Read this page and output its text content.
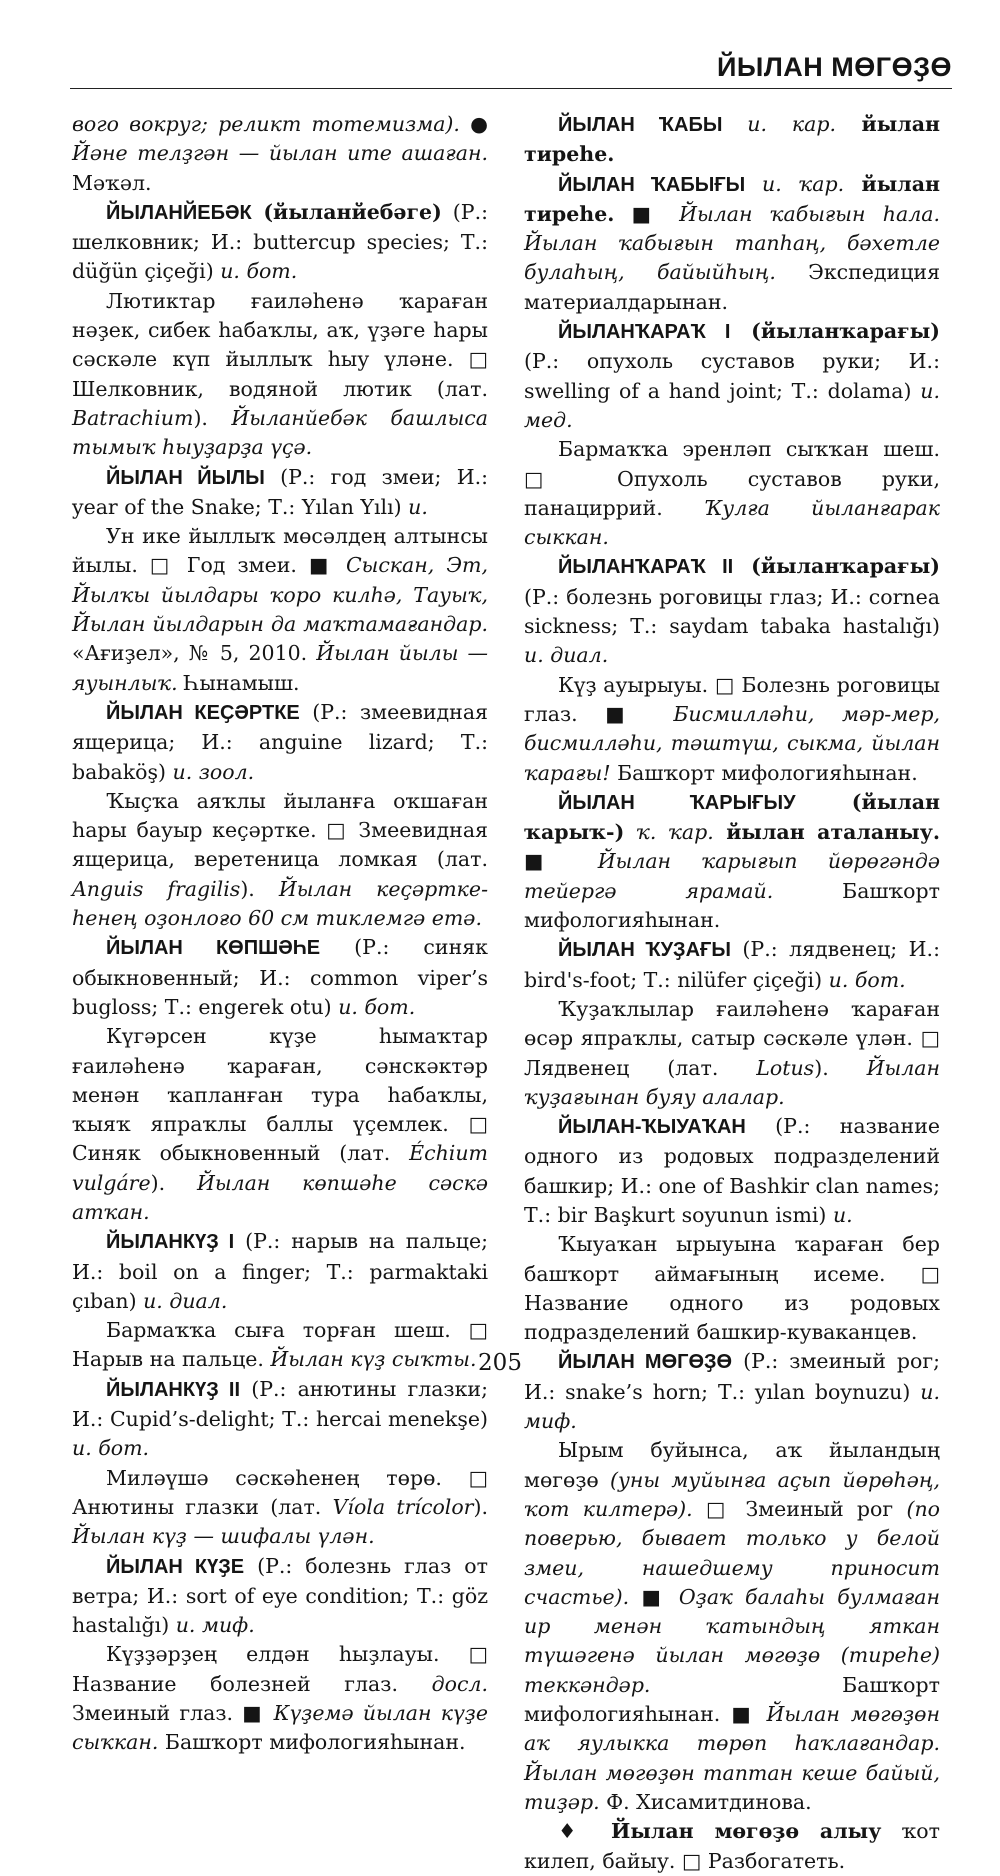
ЙЫЛАН МӨГӨҘӨ

вого вокруг; реликт тотемизма). ● Йәне телҙгән — йылан ите ашаған. Мәҡәл.

ЙЫЛАНЙЕБӘК (йыланйебәге) (Р.: шелковник; И.: buttercup species; Т.: düğün çiçeği) и. бот.

Лютиктар ғаиләһенә ҡараған нәҙек, сибек һабаҡлы, аҡ, үҙәге һары сәскәле күп йыллыҡ һыу үләне. □ Шелковник, водяной лютик (лат. Batrachium). Йыланйебәк башлыса тымыҡ һыуҙарҙа үҫә.

ЙЫЛАН ЙЫЛЫ (Р.: год змеи; И.: year of the Snake; Т.: Yılan Yılı) и.

Ун ике йыллыҡ мөсәлдең алтынсы йылы. □ Год змеи. ■ Сыскан, Эт, Йылҡы йылдары ҡоро килһә, Тауыҡ, Йылан йылдарын да маҡтамағандар. «Ағиҙел», № 5, 2010. Йылан йылы — яуынлыҡ. Һынамыш.

ЙЫЛАН КЕҪӘРТКЕ (Р.: змеевидная ящерица; И.: anguine lizard; Т.: babaköş) и. зоол.

Ҡыҫҡа аяҡлы йыланға оҡшаған һары бауыр кеҫәртке. □ Змеевидная ящерица, веретеница ломкая (лат. Anguis fragilis). Йылан кеҫәрткеһенең оҙонлоғо 60 см тиклемгә етә.

ЙЫЛАН КӨПШӘҺЕ (Р.: синяк обыкновенный; И.: common viper’s bugloss; Т.: engerek otu) и. бот.

Күгәрсен күҙе һымаҡтар ғаиләһенә ҡараған, сәнскәктәр менән ҡапланған тура һабаҡлы, ҡыяҡ япраҡлы баллы үҫемлек. □ Синяк обыкновенный (лат. Échium vulgáre). Йылан көпшәһе сәскә атҡан.

ЙЫЛАНКҮҘ I (Р.: нарыв на пальце; И.: boil on a finger; Т.: parmaktaki çıban) и. диал.

Бармаҡҡа сыға торған шеш. □ Нарыв на пальце. Йылан күҙ сыҡты.

ЙЫЛАНКҮҘ II (Р.: анютины глазки; И.: Cupid’s-delight; Т.: hercai menekşe) и. бот.

Миләүшә сәскәһенең төрө. □ Анютины глазки (лат. Víola trícolor). Йылан күҙ — шифалы үлән.

ЙЫЛАН КҮҘЕ (Р.: болезнь глаз от ветра; И.: sort of eye condition; Т.: göz hastalığı) и. миф.

Күҙҙәрҙең елдән һыҙлауы. □ Название болезней глаз. досл. Змеиный глаз. ■ Күҙемә йылан күҙе сыҡкан. Башҡорт мифологияһынан.

ЙЫЛАН ҠАБЫ и. кар. йылан тиреһе.

ЙЫЛАН ҠАБЫҒЫ и. ҡар. йылан тиреһе. ■ Йылан ҡабығын һала. Йылан ҡабығын тапһаң, бәхетле булаһың, байыйһың. Экспедиция материалдарынан.

ЙЫЛАНҠАРАҠ I (йыланҡарағы) (Р.: опухоль суставов руки; И.: swelling of a hand joint; Т.: dolama) и. мед.

Бармаҡҡа эренләп сыҡҡан шеш. □ Опухоль суставов руки, панациррий. Ҡулға йыланғарак сыккан.

ЙЫЛАНҠАРАҠ II (йыланҡарағы) (Р.: болезнь роговицы глаз; И.: cornea sickness; Т.: saydam tabaka hastalığı) и. диал.

Күҙ ауырыуы. □ Болезнь роговицы глаз. ■ Бисмилләһи, мәр-мер, бисмилләһи, тәштүш, сыкма, йылан ҡарағы! Башҡорт мифологияһынан.

ЙЫЛАН ҠАРЫҒЫУ (йылан ҡарыҡ-) ҡ. ҡар. йылан аталаныу. ■ Йылан ҡарығып йөрөгәндә тейергә ярамай. Башҡорт мифологияһынан.

ЙЫЛАН ҠУҘАҒЫ (Р.: лядвенец; И.: bird's-foot; Т.: nilüfer çiçeği) и. бот.

Ҡуҙаҡлылар ғаиләһенә ҡараған өсәр япраҡлы, сатыр сәскәле үлән. □ Лядвенец (лат. Lotus). Йылан ҡуҙағынан буяу алалар.

ЙЫЛАН-ҠЫУАҠАН (Р.: название одного из родовых подразделений башкир; И.: one of Bashkir clan names; Т.: bir Başkurt soyunun ismi) и.

Ҡыуаҡан ырыуына ҡараған бер башҡорт аймағының исеме. □ Название одного из родовых подразделений башкир-куваканцев.

ЙЫЛАН МӨГӨҘӨ (Р.: змеиный рог; И.: snake’s horn; Т.: yılan boynuzu) и. миф.

Ырым буйынса, аҡ йыландың мөгөҙө (уны муйынға аҫып йөрөһәң, ҡот килтерә). □ Змеиный рог (по поверью, бывает только у белой змеи, нашедшему приносит счастье). ■ Оҙаҡ балаһы булмаған ир менән ҡатындың яткан түшәгенә йылан мөгөҙө (тиреһе) теккәндәр. Башҡорт мифологияһынан. ■ Йылан мөгөҙөн аҡ яулыкка төрөп һаҡлағандар. Йылан мөгөҙөн таптан кеше байый, тиҙәр. Ф. Хисамитдинова.

♦ Йылан мөгөҙө алыу ҡот килеп, байыу. □ Разбогатеть.

205
